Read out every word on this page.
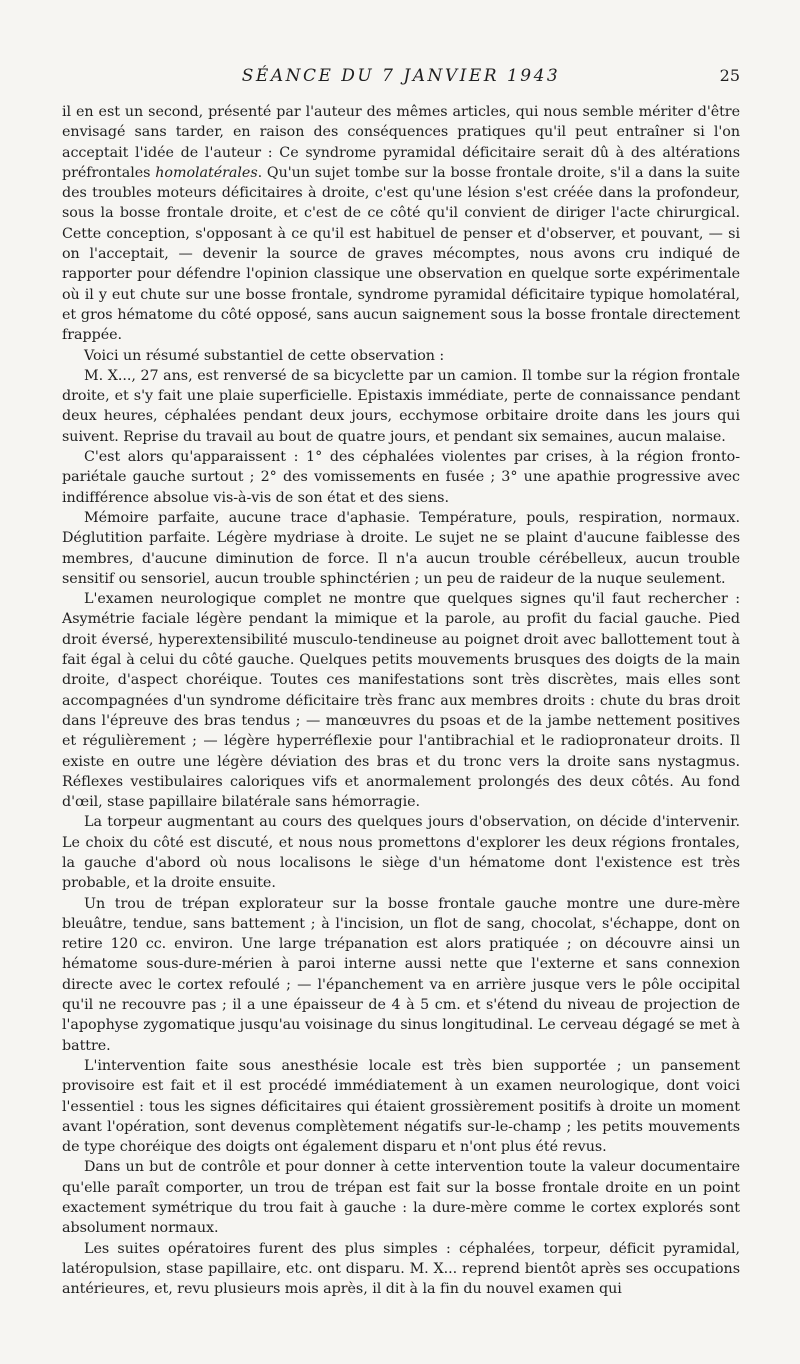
SÉANCE DU 7 JANVIER 1943	25

il en est un second, présenté par l'auteur des mêmes articles, qui nous semble mériter d'être envisagé sans tarder, en raison des conséquences pratiques qu'il peut entraîner si l'on acceptait l'idée de l'auteur : Ce syndrome pyramidal déficitaire serait dû à des altérations préfrontales homolatérales. Qu'un sujet tombe sur la bosse frontale droite, s'il a dans la suite des troubles moteurs déficitaires à droite, c'est qu'une lésion s'est créée dans la profondeur, sous la bosse frontale droite, et c'est de ce côté qu'il convient de diriger l'acte chirurgical. Cette conception, s'opposant à ce qu'il est habituel de penser et d'observer, et pouvant, — si on l'acceptait, — devenir la source de graves mécomptes, nous avons cru indiqué de rapporter pour défendre l'opinion classique une observation en quelque sorte expérimentale où il y eut chute sur une bosse frontale, syndrome pyramidal déficitaire typique homolatéral, et gros hématome du côté opposé, sans aucun saignement sous la bosse frontale directement frappée.

Voici un résumé substantiel de cette observation :

M. X..., 27 ans, est renversé de sa bicyclette par un camion. Il tombe sur la région frontale droite, et s'y fait une plaie superficielle. Epistaxis immédiate, perte de connaissance pendant deux heures, céphalées pendant deux jours, ecchymose orbitaire droite dans les jours qui suivent. Reprise du travail au bout de quatre jours, et pendant six semaines, aucun malaise.

C'est alors qu'apparaissent : 1° des céphalées violentes par crises, à la région fronto-pariétale gauche surtout ; 2° des vomissements en fusée ; 3° une apathie progressive avec indifférence absolue vis-à-vis de son état et des siens.

Mémoire parfaite, aucune trace d'aphasie. Température, pouls, respiration, normaux. Déglutition parfaite. Légère mydriase à droite. Le sujet ne se plaint d'aucune faiblesse des membres, d'aucune diminution de force. Il n'a aucun trouble cérébelleux, aucun trouble sensitif ou sensoriel, aucun trouble sphinctérien ; un peu de raideur de la nuque seulement.

L'examen neurologique complet ne montre que quelques signes qu'il faut rechercher : Asymétrie faciale légère pendant la mimique et la parole, au profit du facial gauche. Pied droit éversé, hyperextensibilité musculo-tendineuse au poignet droit avec ballottement tout à fait égal à celui du côté gauche. Quelques petits mouvements brusques des doigts de la main droite, d'aspect choréique. Toutes ces manifestations sont très discrètes, mais elles sont accompagnées d'un syndrome déficitaire très franc aux membres droits : chute du bras droit dans l'épreuve des bras tendus ; — manœuvres du psoas et de la jambe nettement positives et régulièrement ; — légère hyperréflexie pour l'antibrachial et le radiopronateur droits. Il existe en outre une légère déviation des bras et du tronc vers la droite sans nystagmus. Réflexes vestibulaires caloriques vifs et anormalement prolongés des deux côtés. Au fond d'œil, stase papillaire bilatérale sans hémorragie.

La torpeur augmentant au cours des quelques jours d'observation, on décide d'intervenir. Le choix du côté est discuté, et nous nous promettons d'explorer les deux régions frontales, la gauche d'abord où nous localisons le siège d'un hématome dont l'existence est très probable, et la droite ensuite.

Un trou de trépan explorateur sur la bosse frontale gauche montre une dure-mère bleuâtre, tendue, sans battement ; à l'incision, un flot de sang, chocolat, s'échappe, dont on retire 120 cc. environ. Une large trépanation est alors pratiquée ; on découvre ainsi un hématome sous-dure-mérien à paroi interne aussi nette que l'externe et sans connexion directe avec le cortex refoulé ; — l'épanchement va en arrière jusque vers le pôle occipital qu'il ne recouvre pas ; il a une épaisseur de 4 à 5 cm. et s'étend du niveau de projection de l'apophyse zygomatique jusqu'au voisinage du sinus longitudinal. Le cerveau dégagé se met à battre.

L'intervention faite sous anesthésie locale est très bien supportée ; un pansement provisoire est fait et il est procédé immédiatement à un examen neurologique, dont voici l'essentiel : tous les signes déficitaires qui étaient grossièrement positifs à droite un moment avant l'opération, sont devenus complètement négatifs sur-le-champ ; les petits mouvements de type choréique des doigts ont également disparu et n'ont plus été revus.

Dans un but de contrôle et pour donner à cette intervention toute la valeur documentaire qu'elle paraît comporter, un trou de trépan est fait sur la bosse frontale droite en un point exactement symétrique du trou fait à gauche : la dure-mère comme le cortex explorés sont absolument normaux.

Les suites opératoires furent des plus simples : céphalées, torpeur, déficit pyramidal, latéropulsion, stase papillaire, etc. ont disparu. M. X... reprend bientôt après ses occupations antérieures, et, revu plusieurs mois après, il dit à la fin du nouvel examen qui
